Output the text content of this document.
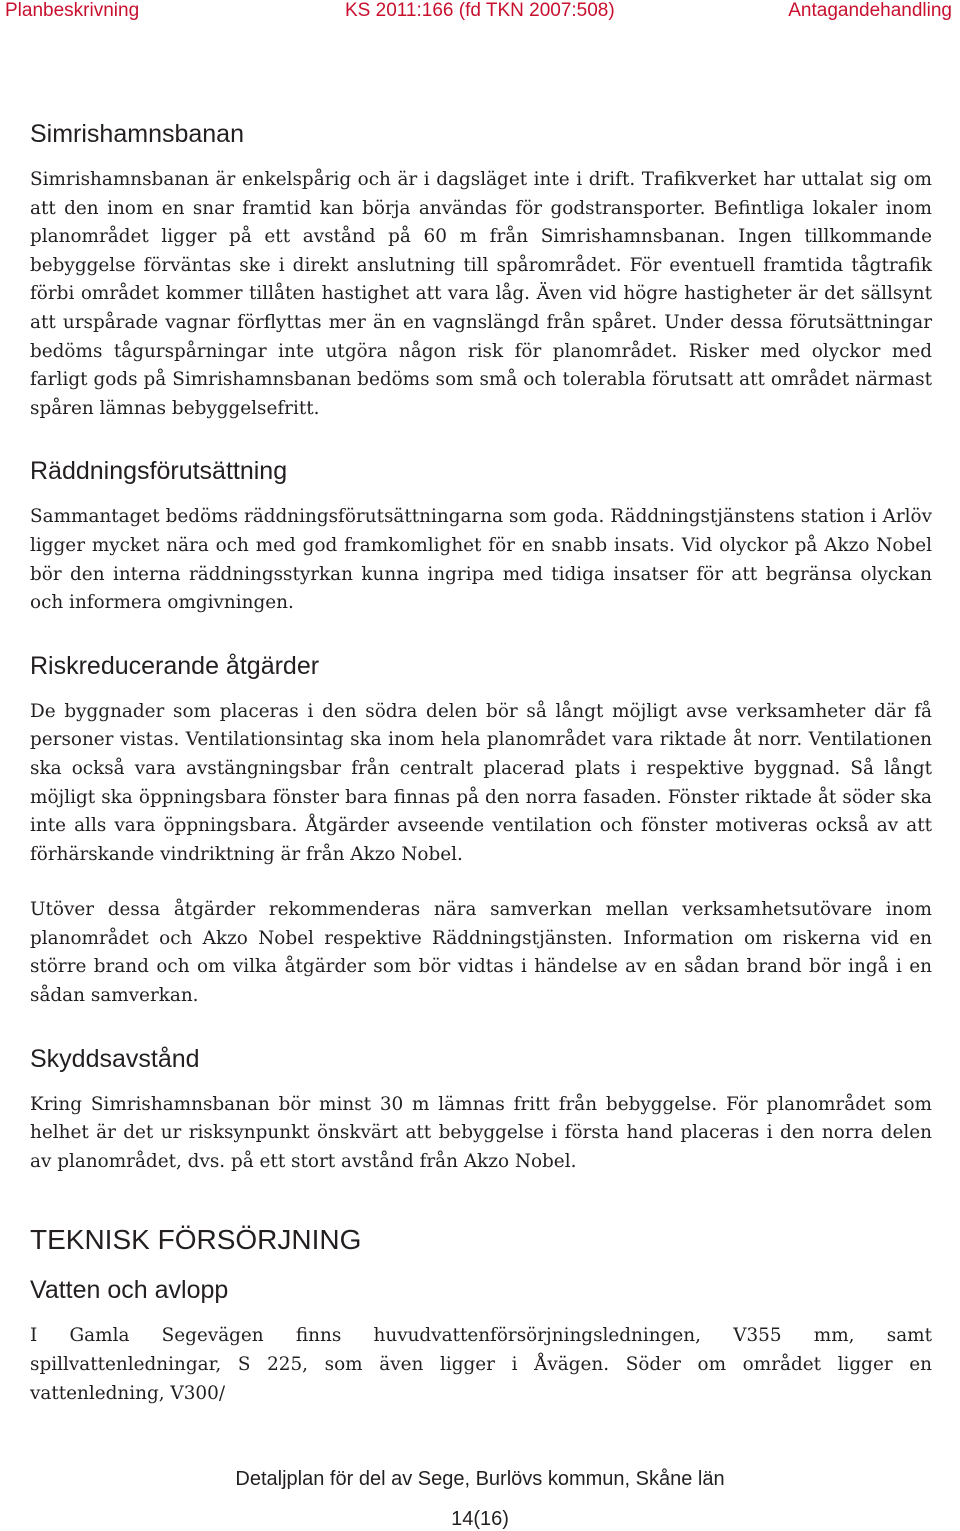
Planbeskrivning	KS 2011:166 (fd TKN 2007:508)	Antagandehandling
Simrishamnsbanan

Simrishamnsbanan är enkelspårig och är i dagsläget inte i drift. Trafikverket har uttalat sig om att den inom en snar framtid kan börja användas för godstransporter. Befintliga lokaler inom planområdet ligger på ett avstånd på 60 m från Simrishamnsbanan. Ingen tillkommande bebyggelse förväntas ske i direkt anslutning till spårområdet. För eventuell framtida tågtrafik förbi området kommer tillåten hastighet att vara låg. Även vid högre hastigheter är det sällsynt att urspårade vagnar förflyttas mer än en vagnslängd från spåret. Under dessa förutsättningar bedöms tågurspårningar inte utgöra någon risk för planområdet. Risker med olyckor med farligt gods på Simrishamnsbanan bedöms som små och tolerabla förutsatt att området närmast spåren lämnas bebyggelsefritt.

Räddningsförutsättning

Sammantaget bedöms räddningsförutsättningarna som goda. Räddningstjänstens station i Arlöv ligger mycket nära och med god framkomlighet för en snabb insats. Vid olyckor på Akzo Nobel bör den interna räddningsstyrkan kunna ingripa med tidiga insatser för att begränsa olyckan och informera omgivningen.

Riskreducerande åtgärder

De byggnader som placeras i den södra delen bör så långt möjligt avse verksamheter där få personer vistas. Ventilationsintag ska inom hela planområdet vara riktade åt norr. Ventilationen ska också vara avstängningsbar från centralt placerad plats i respektive byggnad. Så långt möjligt ska öppningsbara fönster bara finnas på den norra fasaden. Fönster riktade åt söder ska inte alls vara öppningsbara. Åtgärder avseende ventilation och fönster motiveras också av att förhärskande vindriktning är från Akzo Nobel.

Utöver dessa åtgärder rekommenderas nära samverkan mellan verksamhetsutövare inom planområdet och Akzo Nobel respektive Räddningstjänsten. Information om riskerna vid en större brand och om vilka åtgärder som bör vidtas i händelse av en sådan brand bör ingå i en sådan samverkan.

Skyddsavstånd

Kring Simrishamnsbanan bör minst 30 m lämnas fritt från bebyggelse. För planområdet som helhet är det ur risksynpunkt önskvärt att bebyggelse i första hand placeras i den norra delen av planområdet, dvs. på ett stort avstånd från Akzo Nobel.

TEKNISK FÖRSÖRJNING
Vatten och avlopp

I Gamla Segevägen finns huvudvattenförsörjningsledningen, V355 mm, samt spillvattenledningar, S 225, som även ligger i Åvägen. Söder om området ligger en vattenledning, V300/

Detaljplan för del av Sege, Burlövs kommun, Skåne län
14(16)
